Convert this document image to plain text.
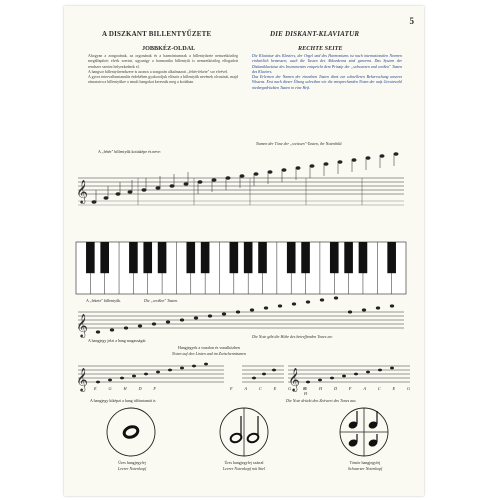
5
A DISZKANT BILLENTYŰZETE	DIE DISKANT-KLAVIATUR
JOBBKÉZ-OLDAL	RECHTE SEITE
Ahogyan a zongorának, az orgonának és a harmóniumnak a billentyűzete nemzetközileg megállapított elvek szerint, ugyanígy a harmonika billentyűi is nemzetközileg elfogadott rendszer szerint helyezkednek el.
A hangsor billentyűrendszere is azonos a zongorán alkalmazott „fehér-fekete" sor elvével.
A gyors intervallumtanulás érdekében gyakoroljuk először a billentyűk nevének olvasását, majd rámutatva a billentyűkre a tanult hangokat keressük meg a kottában.
Die Klaviatur des Klaviers, der Orgel und des Harmoniums ist nach internationalen Normen einheitlich bemessen; auch die Tasten des Akkordeons sind genormt. Das System der Diskantklaviatur des Instrumentes entspricht dem Prinzip der „schwarzen und weißen" Tasten des Klaviers.
Das Erlernen der Namen der einzelnen Tasten dient zur schnelleren Beherrschung unseres Wissens. Erst nach dieser Übung schreiben wir die entsprechenden Noten der aufs Geratewohl niedergedrückten Tasten in eine Heft.
A „fehér" billentyűk kottaképe és neve:
Namen der Töne der „weissen"-Tasten, ihr Notenbild.
𝄞
𝄞
𝄞	𝄞
A „fekete" billentyűk.	Die „weißen" Tasten.
A hangjegy jelzi a hang magasságát:
Die Note gibt die Höhe des betreffenden Tones an:
Hangjegyek a vonalon és vonalközben
Noten auf den Linien und im Zwischenräumen
E G H D F	F A C E G H
G H D F A C E G H
A hangjegy kiképzi a hang időtartamát is	Die Note drückt den Zeitwert des Tones aus
Üres hangjegyfej
Leerer Notenkopf
Üres hangjegyfej szárral
Leerer Notenkopf mit Stiel
Tömör hangjegyfej
Schwarzer Notenkopf
